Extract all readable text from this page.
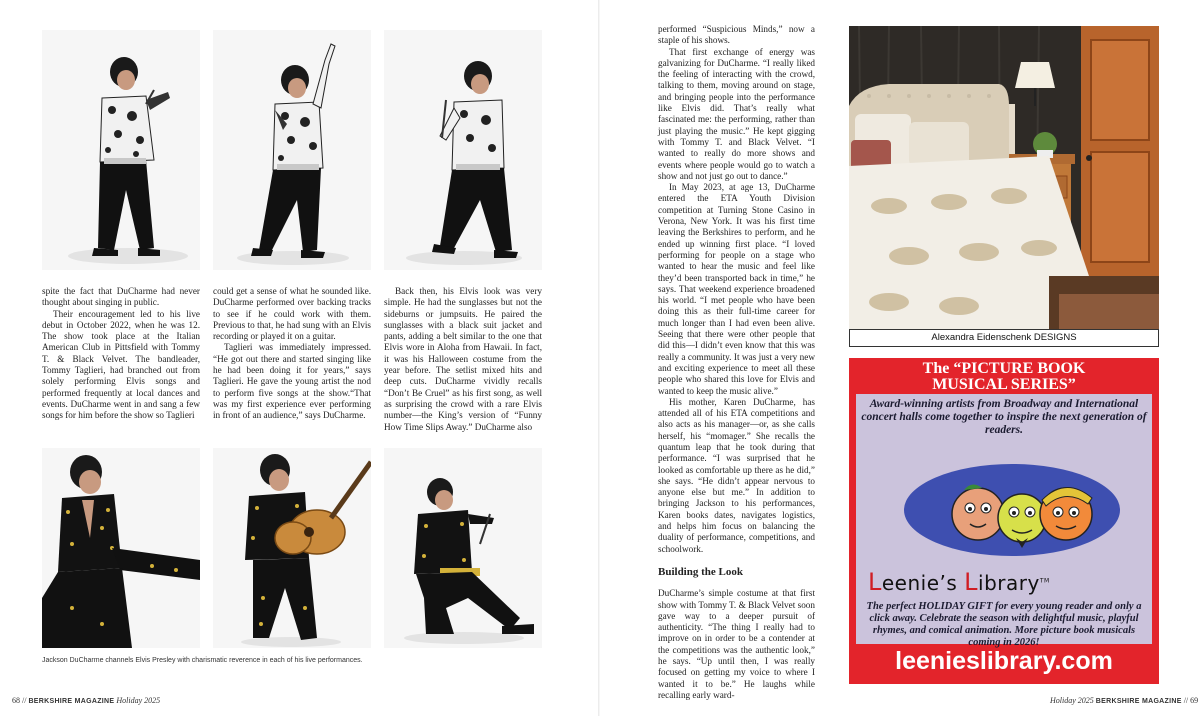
spite the fact that DuCharme had never thought about singing in public.

Their encouragement led to his live debut in October 2022, when he was 12. The show took place at the Italian American Club in Pittsfield with Tommy T. & Black Velvet. The bandleader, Tommy Taglieri, had branched out from solely performing Elvis songs and performed frequently at local dances and events. DuCharme went in and sang a few songs for him before the show so Taglieri

could get a sense of what he sounded like. DuCharme performed over backing tracks to see if he could work with them. Previous to that, he had sung with an Elvis recording or played it on a guitar.

Taglieri was immediately impressed. “He got out there and started singing like he had been doing it for years,” says Taglieri. He gave the young artist the nod to perform five songs at the show.“That was my first experience ever performing in front of an audience,” says DuCharme.

Back then, his Elvis look was very simple. He had the sunglasses but not the sideburns or jumpsuits. He paired the sunglasses with a black suit jacket and pants, adding a belt similar to the one that Elvis wore in Aloha from Hawaii. In fact, it was his Halloween costume from the year before. The setlist mixed hits and deep cuts. DuCharme vividly recalls “Don’t Be Cruel” as his first song, as well as surprising the crowd with a rare Elvis number—the King’s version of “Funny How Time Slips Away.” DuCharme also

Jackson DuCharme channels Elvis Presley with charismatic reverence in each of his live performances.
68 // BERKSHIRE MAGAZINE Holiday 2025

performed “Suspicious Minds,” now a staple of his shows.

That first exchange of energy was galvanizing for DuCharme. “I really liked the feeling of interacting with the crowd, talking to them, moving around on stage, and bringing people into the performance like Elvis did. That’s really what fascinated me: the performing, rather than just playing the music.” He kept gigging with Tommy T. and Black Velvet. “I wanted to really do more shows and events where people would go to watch a show and not just go out to dance.”

In May 2023, at age 13, DuCharme entered the ETA Youth Division competition at Turning Stone Casino in Verona, New York. It was his first time leaving the Berkshires to perform, and he ended up winning first place. “I loved performing for people on a stage who wanted to hear the music and feel like they’d been transported back in time,” he says. That weekend experience broadened his world. “I met people who have been doing this as their full-time career for much longer than I had even been alive. Seeing that there were other people that did this—I didn’t even know that this was really a community. It was just a very new and exciting experience to meet all these people who shared this love for Elvis and wanted to keep the music alive.”

His mother, Karen DuCharme, has attended all of his ETA competitions and also acts as his manager—or, as she calls herself, his “momager.” She recalls the quantum leap that he took during that performance. “I was surprised that he looked as comfortable up there as he did,” she says. “He didn’t appear nervous to anyone else but me.” In addition to bringing Jackson to his performances, Karen books dates, navigates logistics, and helps him focus on balancing the duality of performance, competitions, and schoolwork.

Building the Look

DuCharme’s simple costume at that first show with Tommy T. & Black Velvet soon gave way to a deeper pursuit of authenticity. “The thing I really had to improve on in order to be a contender at the competitions was the authentic look,” he says. “Up until then, I was really focused on getting my voice to where I wanted it to be.” He laughs while recalling early ward-

Alexandra Eidenschenk DESIGNS
The “PICTURE BOOK
MUSICAL SERIES”
Award-winning artists from Broadway and International concert halls come together to inspire the next generation of readers.
Leenie’s Library™
The perfect HOLIDAY GIFT for every young reader and only a click away. Celebrate the season with delightful music, playful rhymes, and comical animation. More picture book musicals coming in 2026!
leenieslibrary.com
Holiday 2025 BERKSHIRE MAGAZINE // 69
